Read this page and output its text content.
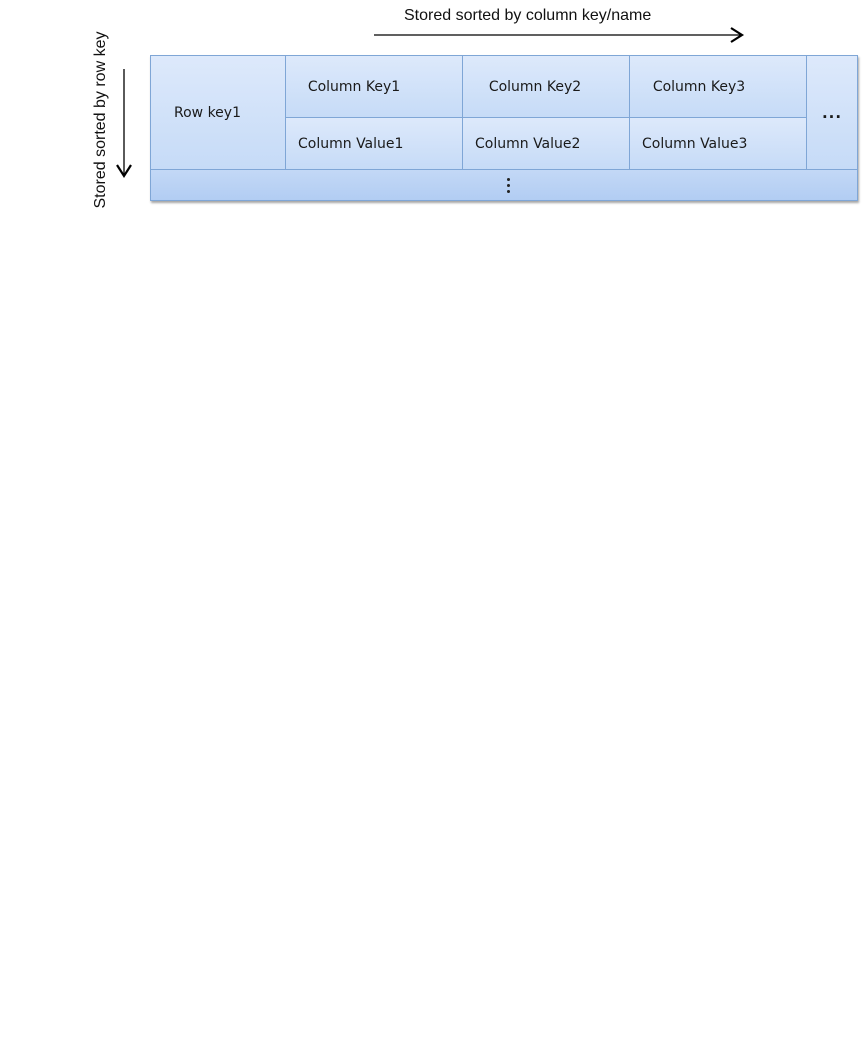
Stored sorted by column key/name
Stored sorted by row key	Row key1
Column Key1	Column Key2	Column Key3
Column Value1	Column Value2	Column Value3
...
